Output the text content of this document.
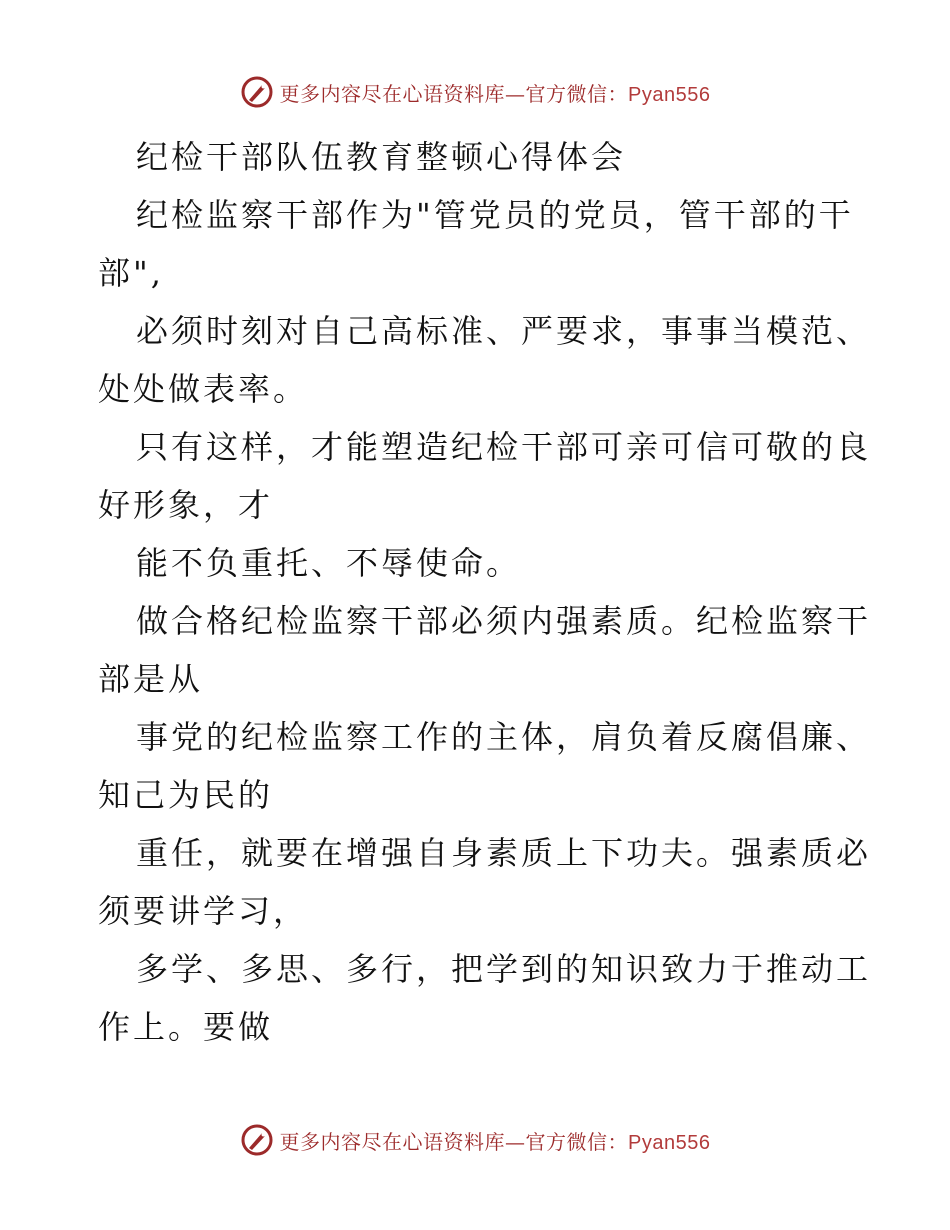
更多内容尽在心语资料库—官方微信：Pyan556
纪检干部队伍教育整顿心得体会
纪检监察干部作为"管党员的党员，管干部的干
部",
必须时刻对自己高标准、严要求，事事当模范、
处处做表率。
只有这样，才能塑造纪检干部可亲可信可敬的良
好形象，才
能不负重托、不辱使命。
做合格纪检监察干部必须内强素质。纪检监察干
部是从
事党的纪检监察工作的主体，肩负着反腐倡廉、
知己为民的
重任，就要在增强自身素质上下功夫。强素质必
须要讲学习，
多学、多思、多行，把学到的知识致力于推动工
作上。要做
更多内容尽在心语资料库—官方微信：Pyan556
